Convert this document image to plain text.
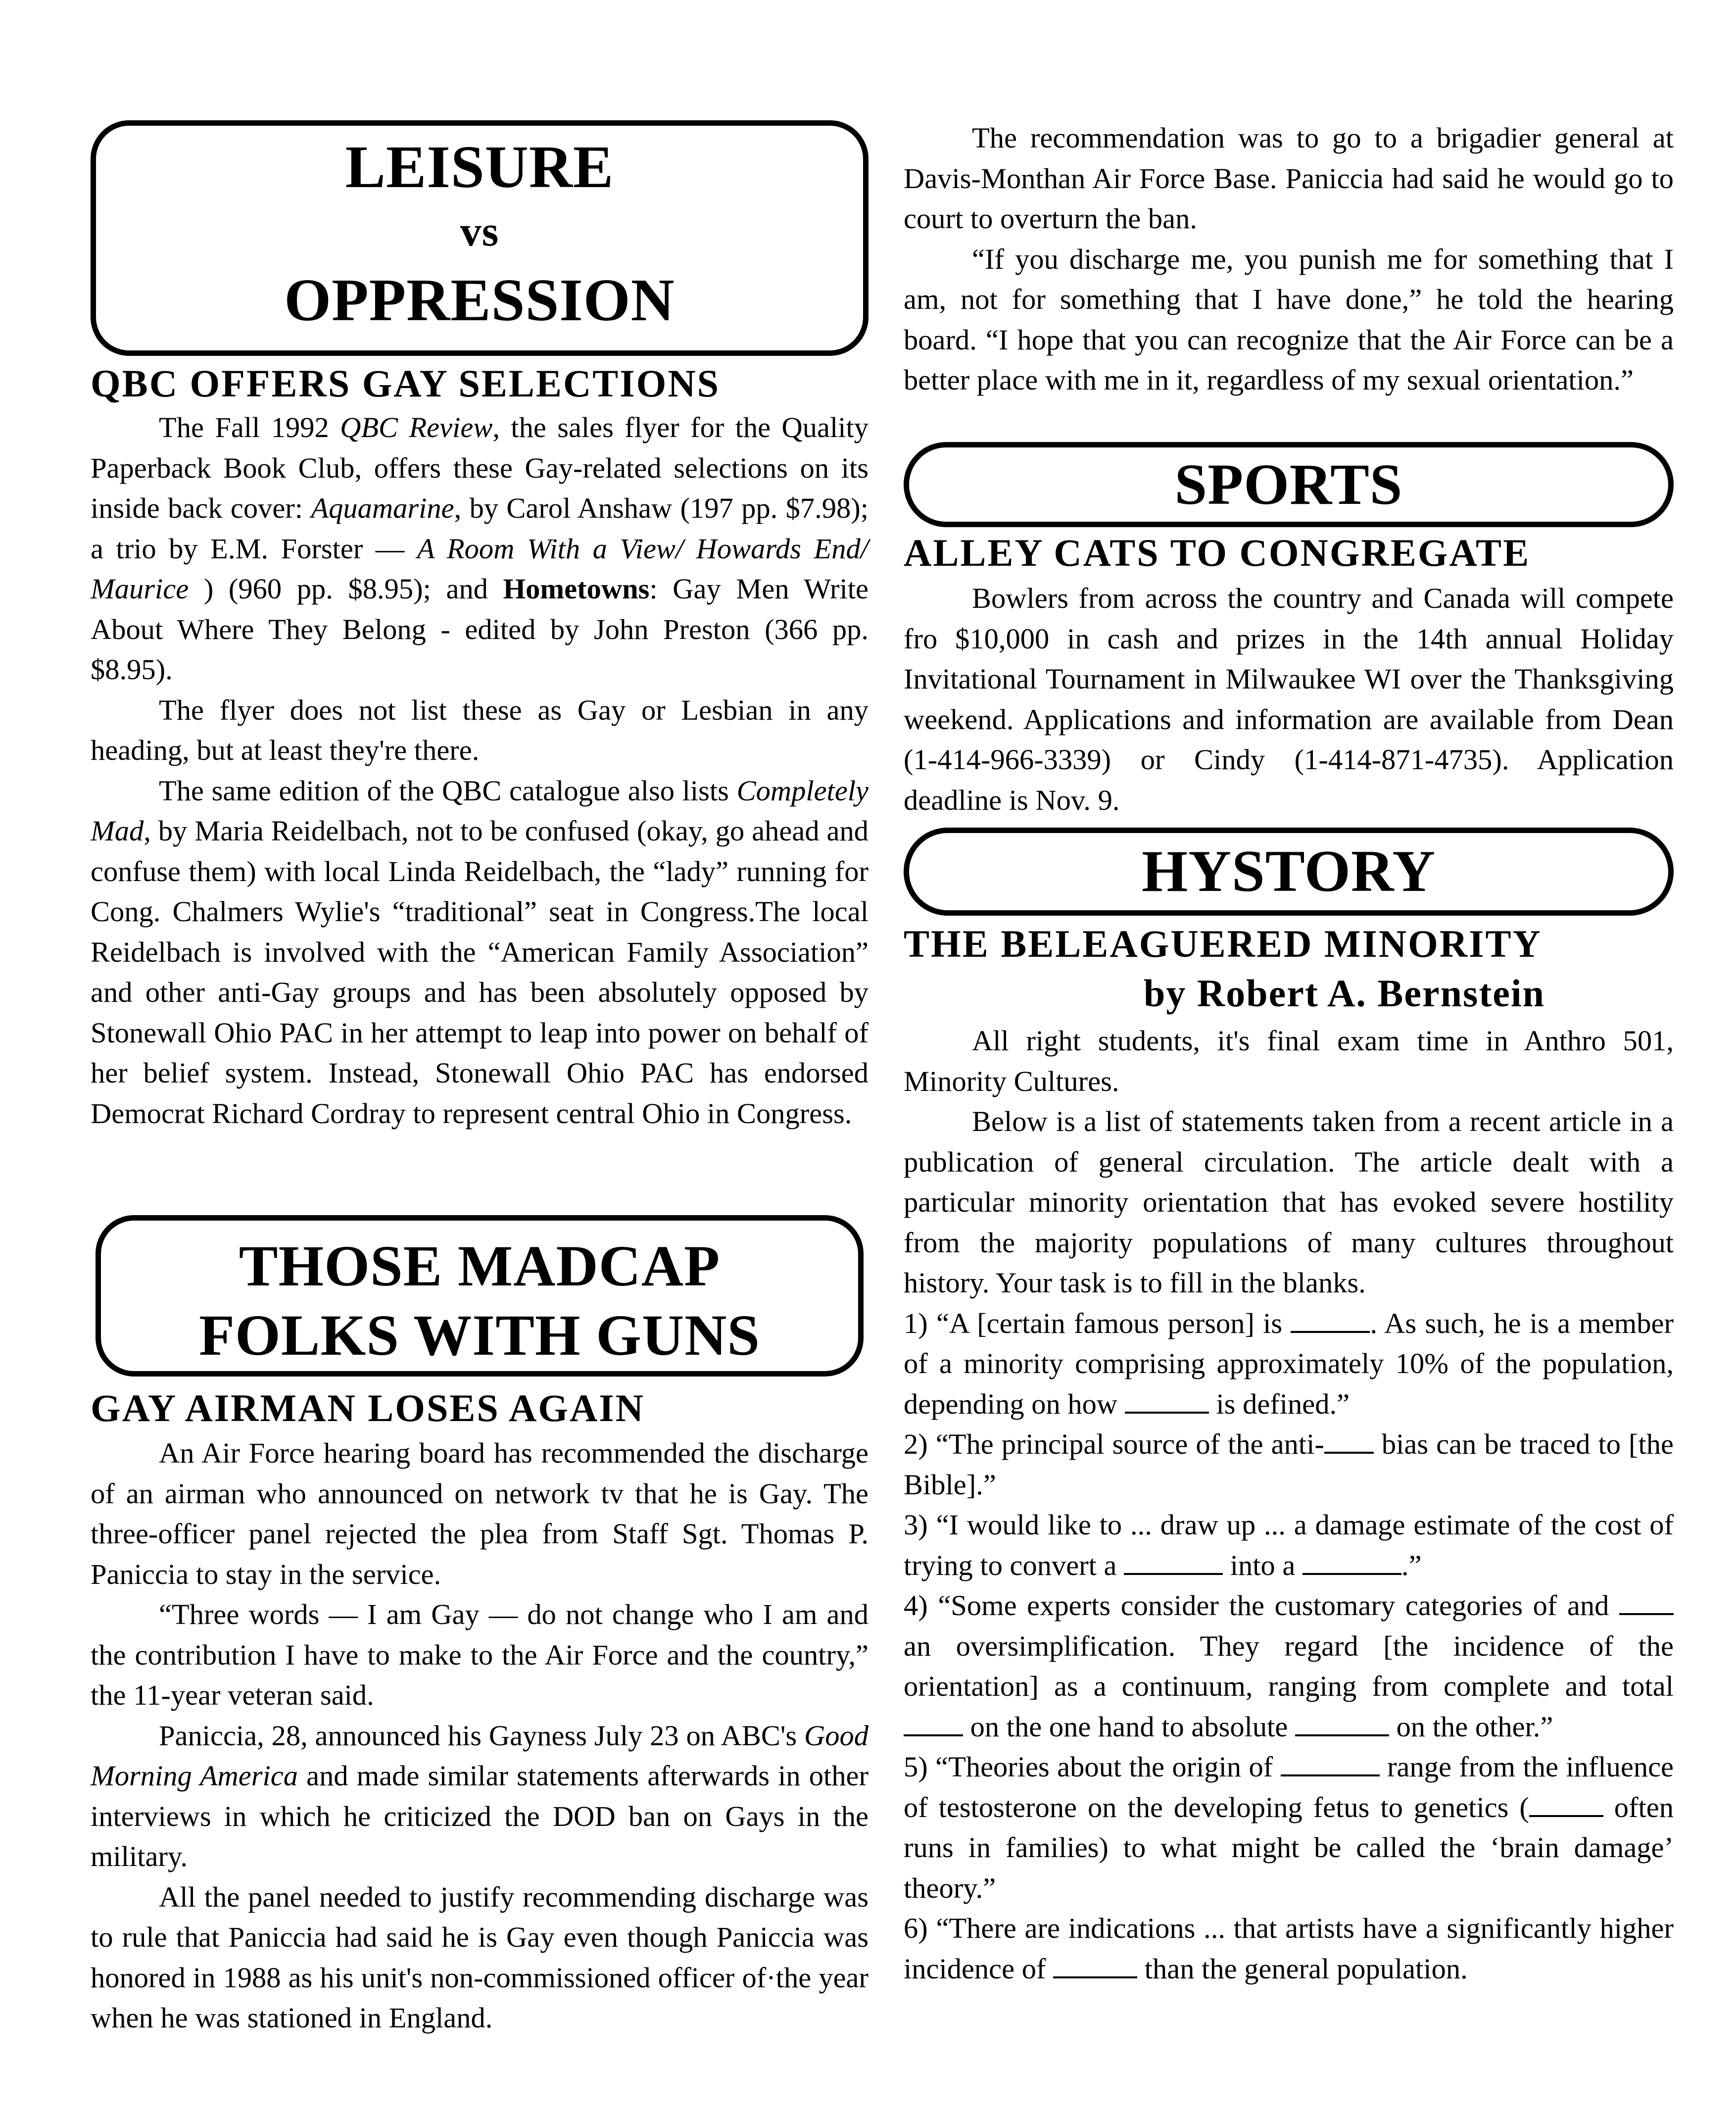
LEISURE
vs
OPPRESSION
QBC OFFERS GAY SELECTIONS

The Fall 1992 QBC Review, the sales flyer for the Quality Paperback Book Club, offers these Gay-related selections on its inside back cover: Aquamarine, by Carol Anshaw (197 pp. $7.98); a trio by E.M. Forster — A Room With a View/ Howards End/ Maurice ) (960 pp. $8.95); and Hometowns: Gay Men Write About Where They Belong - edited by John Preston (366 pp. $8.95).

The flyer does not list these as Gay or Lesbian in any heading, but at least they're there.

The same edition of the QBC catalogue also lists Completely Mad, by Maria Reidelbach, not to be confused (okay, go ahead and confuse them) with local Linda Reidelbach, the “lady” running for Cong. Chalmers Wylie's “traditional” seat in Congress.The local Reidelbach is involved with the “American Family Association” and other anti-Gay groups and has been absolutely opposed by Stonewall Ohio PAC in her attempt to leap into power on behalf of her belief system. Instead, Stonewall Ohio PAC has endorsed Democrat Richard Cordray to represent central Ohio in Congress.

THOSE MADCAP
FOLKS WITH GUNS
GAY AIRMAN LOSES AGAIN

An Air Force hearing board has recommended the discharge of an airman who announced on network tv that he is Gay. The three-officer panel rejected the plea from Staff Sgt. Thomas P. Paniccia to stay in the service.

“Three words — I am Gay — do not change who I am and the contribution I have to make to the Air Force and the country,” the 11-year veteran said.

Paniccia, 28, announced his Gayness July 23 on ABC's Good Morning America and made similar statements afterwards in other interviews in which he criticized the DOD ban on Gays in the military.

All the panel needed to justify recommending discharge was to rule that Paniccia had said he is Gay even though Paniccia was honored in 1988 as his unit's non-commissioned officer of·the year when he was stationed in England.

The recommendation was to go to a brigadier general at Davis-Monthan Air Force Base. Paniccia had said he would go to court to overturn the ban.

“If you discharge me, you punish me for something that I am, not for something that I have done,” he told the hearing board. “I hope that you can recognize that the Air Force can be a better place with me in it, regardless of my sexual orientation.”

SPORTS
ALLEY CATS TO CONGREGATE

Bowlers from across the country and Canada will compete fro $10,000 in cash and prizes in the 14th annual Holiday Invitational Tournament in Milwaukee WI over the Thanksgiving weekend. Applications and information are available from Dean (1-414-966-3339) or Cindy (1-414-871-4735). Application deadline is Nov. 9.

HYSTORY
THE BELEAGUERED MINORITY
by Robert A. Bernstein

All right students, it's final exam time in Anthro 501, Minority Cultures.

Below is a list of statements taken from a recent article in a publication of general circulation. The article dealt with a particular minority orientation that has evoked severe hostility from the majority populations of many cultures throughout history. Your task is to fill in the blanks.

1) “A [certain famous person] is	. As such, he is a member of a minority comprising approximately 10% of the population, depending on how	is defined.”

2) “The principal source of the anti- bias can be traced to [the Bible].”

3) “I would like to ... draw up ... a damage estimate of the cost of trying to convert a	into a	.”

4) “Some experts consider the customary categories of and  an oversimplification. They regard [the incidence of the orientation] as a continuum, ranging from complete and total  on the one hand to absolute	on the other.”

5) “Theories about the origin of	range from the influence of testosterone on the developing fetus to genetics (	often runs in families) to what might be called the ‘brain damage’ theory.”

6) “There are indications ... that artists have a significantly higher incidence of	than the general population.
